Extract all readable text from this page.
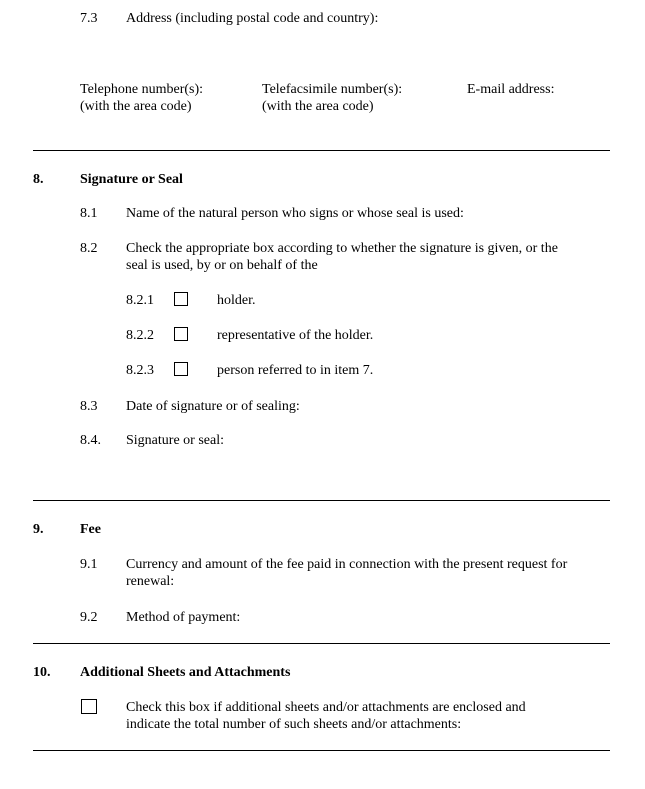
7.3 Address (including postal code and country):
Telephone number(s):
(with the area code)
Telefacsimile number(s):
(with the area code)
E-mail address:
8.	Signature or Seal
8.1 Name of the natural person who signs or whose seal is used:
8.2 Check the appropriate box according to whether the signature is given, or the
seal is used, by or on behalf of the
8.2.1	holder.
8.2.2	representative of the holder.
8.2.3	person referred to in item 7.
8.3 Date of signature or of sealing:
8.4. Signature or seal:
9.	Fee
9.1 Currency and amount of the fee paid in connection with the present request for
renewal:
9.2 Method of payment:
10. Additional Sheets and Attachments
Check this box if additional sheets and/or attachments are enclosed and
indicate the total number of such sheets and/or attachments:
